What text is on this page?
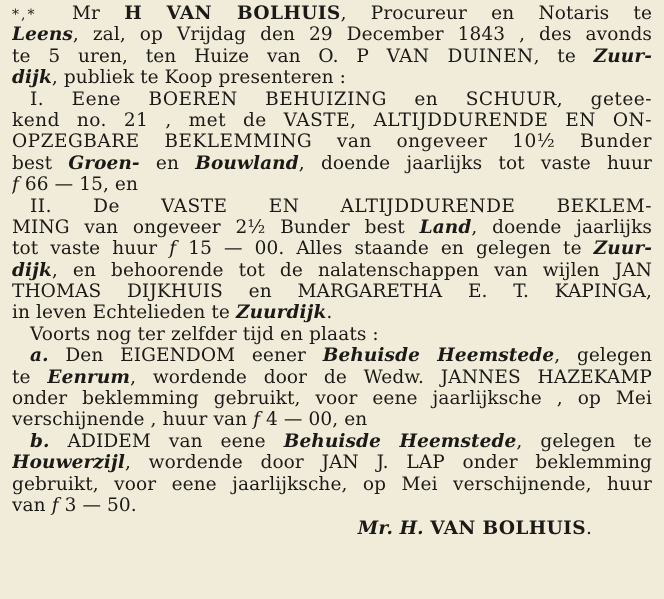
*,* Mr H VAN BOLHUIS, Procureur en Notaris te
Leens, zal, op Vrijdag den 29 December 1843 , des avonds
te 5 uren, ten Huize van O. P VAN DUINEN, te Zuur-
dijk, publiek te Koop presenteren :
I. Eene BOEREN BEHUIZING en SCHUUR, getee-
kend no. 21 , met de VASTE, ALTIJDDURENDE EN ON-
OPZEGBARE BEKLEMMING van ongeveer 10½ Bunder
best Groen- en Bouwland, doende jaarlijks tot vaste huur
f 66 — 15, en
II. De VASTE EN ALTIJDDURENDE BEKLEM-
MING van ongeveer 2½ Bunder best Land, doende jaarlijks
tot vaste huur f 15 — 00. Alles staande en gelegen te Zuur-
dijk, en behoorende tot de nalatenschappen van wijlen JAN
THOMAS DIJKHUIS en MARGARETHA E. T. KAPINGA,
in leven Echtelieden te Zuurdijk.
Voorts nog ter zelfder tijd en plaats :
a. Den EIGENDOM eener Behuisde Heemstede, gelegen
te Eenrum, wordende door de Wedw. JANNES HAZEKAMP
onder beklemming gebruikt, voor eene jaarlijksche , op Mei
verschijnende , huur van f 4 — 00, en
b. ADIDEM van eene Behuisde Heemstede, gelegen te
Houwerzijl, wordende door JAN J. LAP onder beklemming
gebruikt, voor eene jaarlijksche, op Mei verschijnende, huur
van f 3 — 50.
Mr. H. VAN BOLHUIS.
